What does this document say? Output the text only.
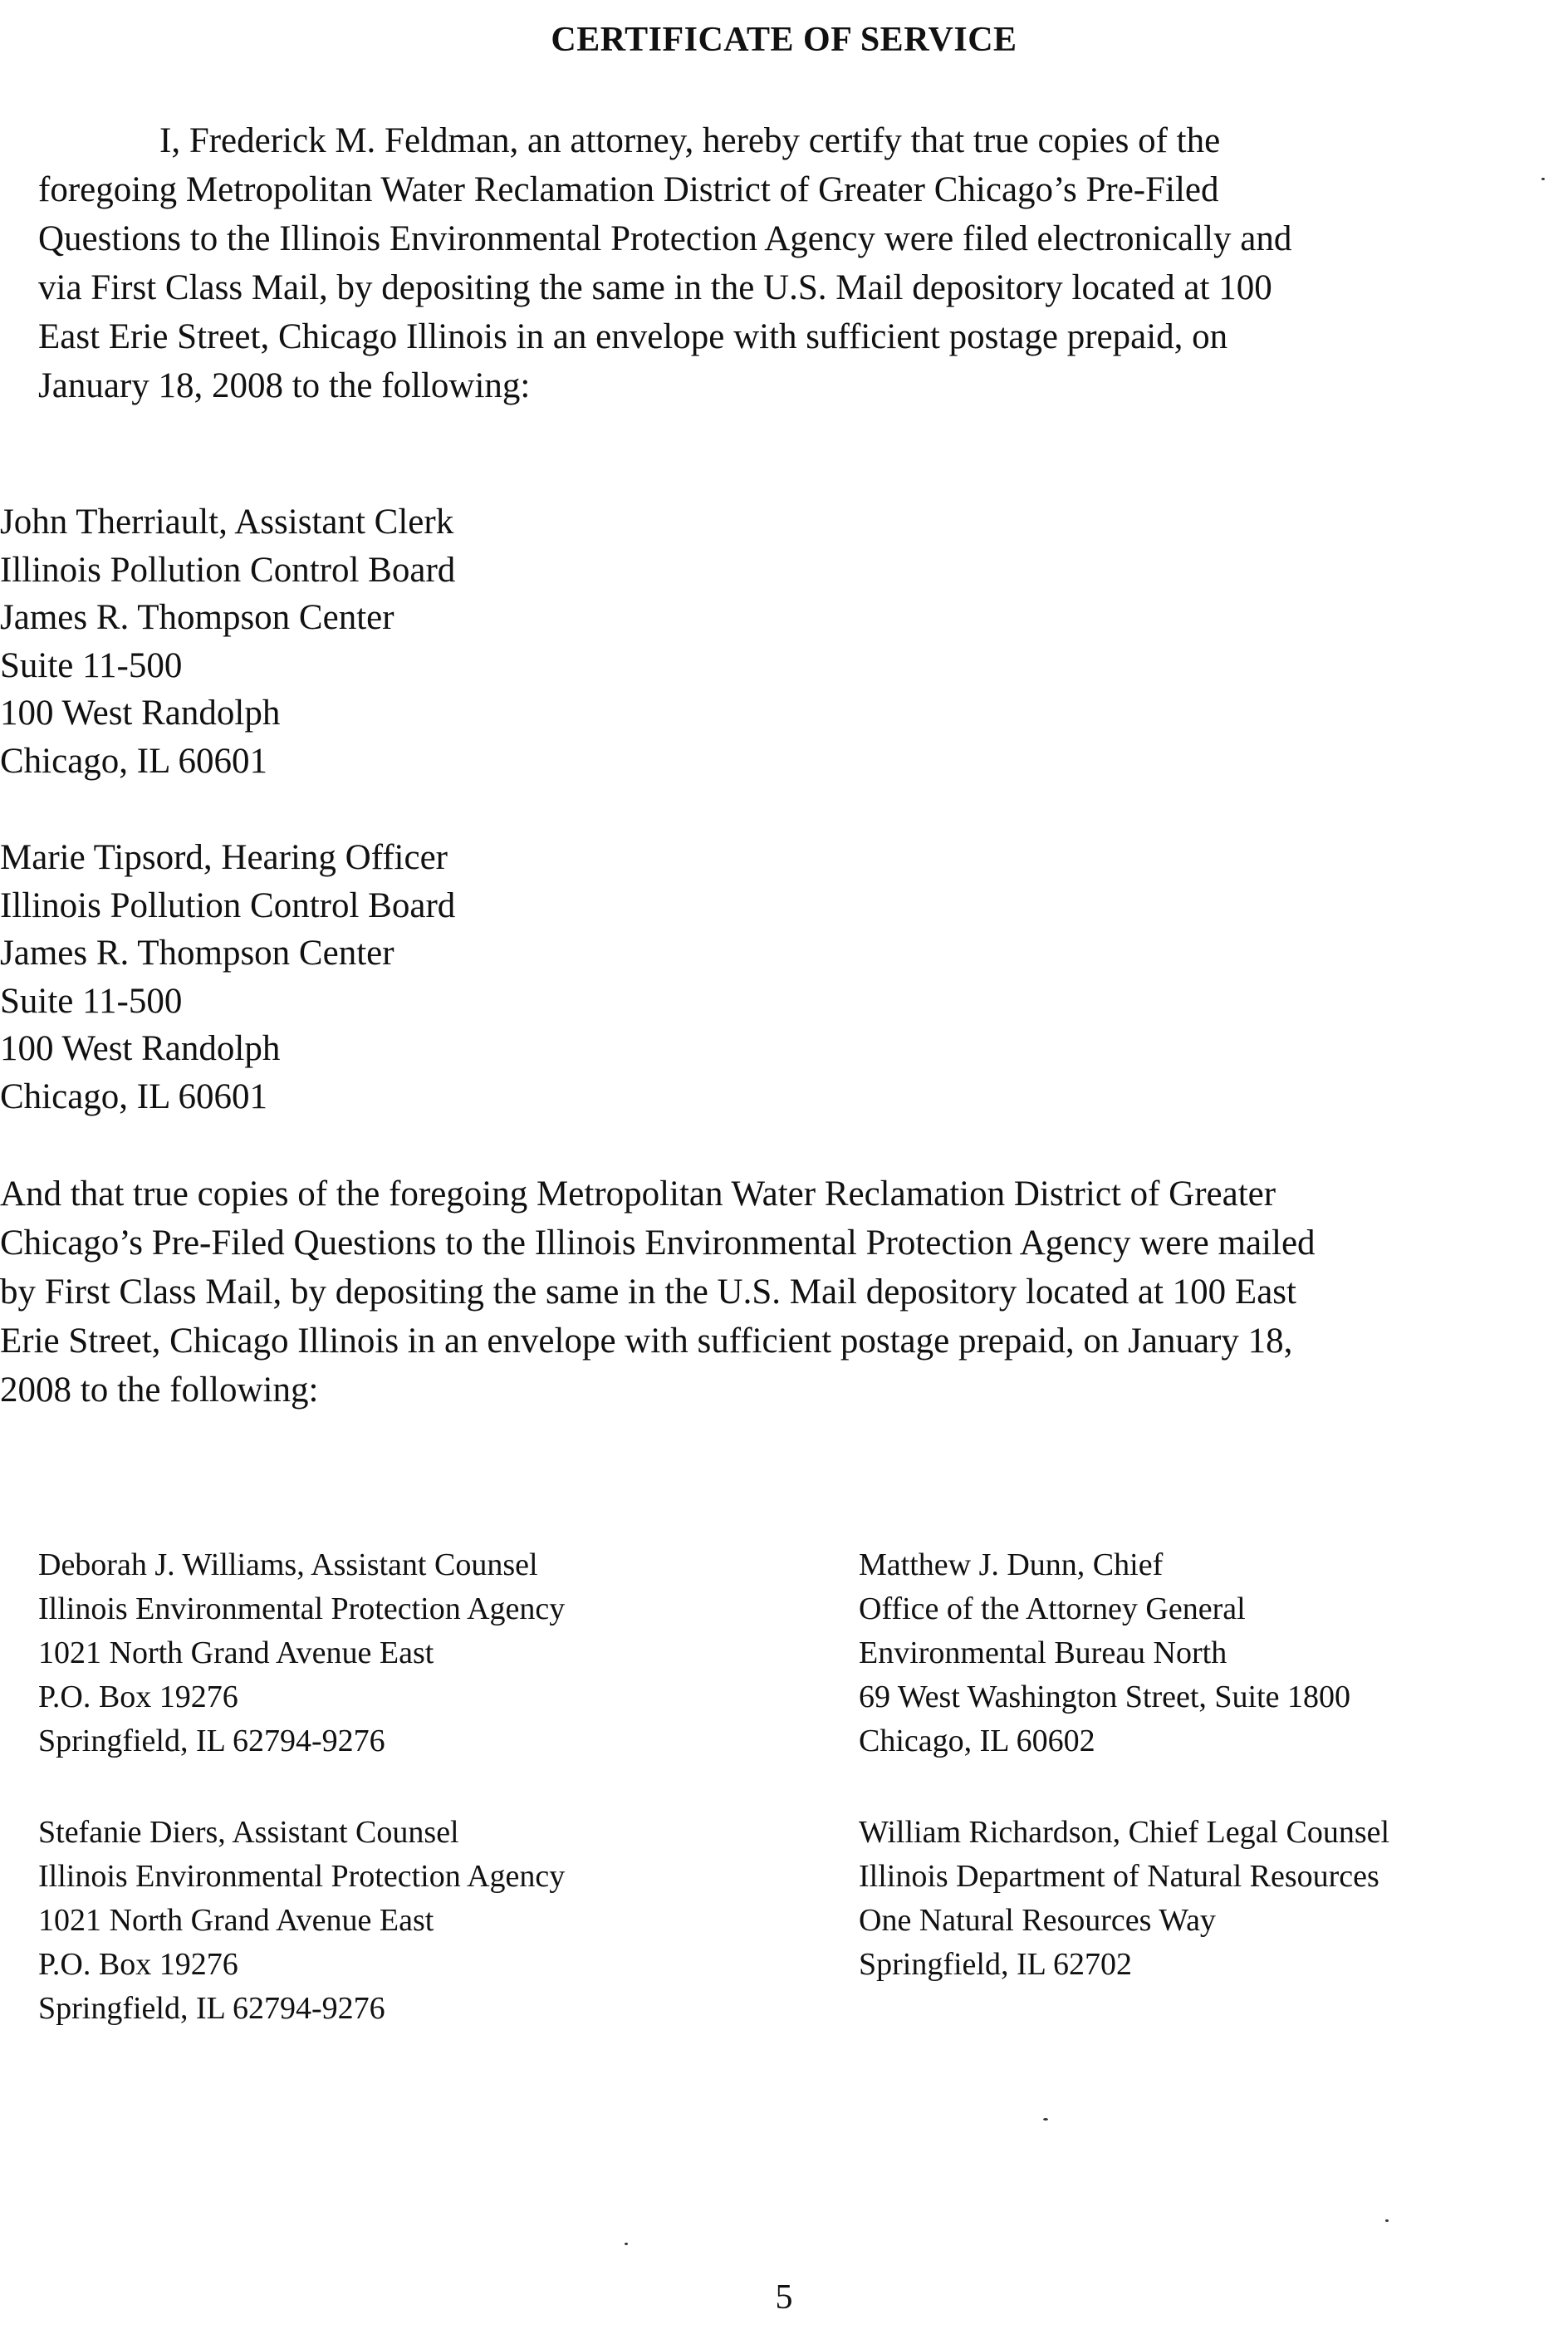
CERTIFICATE OF SERVICE

I, Frederick M. Feldman, an attorney, hereby certify that true copies of the
foregoing Metropolitan Water Reclamation District of Greater Chicago’s Pre-Filed
Questions to the Illinois Environmental Protection Agency were filed electronically and
via First Class Mail, by depositing the same in the U.S. Mail depository located at 100
East Erie Street, Chicago Illinois in an envelope with sufficient postage prepaid, on
January 18, 2008 to the following:

John Therriault, Assistant Clerk
Illinois Pollution Control Board
James R. Thompson Center
Suite 11-500
100 West Randolph
Chicago, IL 60601
Marie Tipsord, Hearing Officer
Illinois Pollution Control Board
James R. Thompson Center
Suite 11-500
100 West Randolph
Chicago, IL 60601

And that true copies of the foregoing Metropolitan Water Reclamation District of Greater
Chicago’s Pre-Filed Questions to the Illinois Environmental Protection Agency were mailed
by First Class Mail, by depositing the same in the U.S. Mail depository located at 100 East
Erie Street, Chicago Illinois in an envelope with sufficient postage prepaid, on January 18,
2008 to the following:

Deborah J. Williams, Assistant Counsel
Illinois Environmental Protection Agency
1021 North Grand Avenue East
P.O. Box 19276
Springfield, IL 62794-9276
Stefanie Diers, Assistant Counsel
Illinois Environmental Protection Agency
1021 North Grand Avenue East
P.O. Box 19276
Springfield, IL 62794-9276
Matthew J. Dunn, Chief
Office of the Attorney General
Environmental Bureau North
69 West Washington Street, Suite 1800
Chicago, IL 60602
William Richardson, Chief Legal Counsel
Illinois Department of Natural Resources
One Natural Resources Way
Springfield, IL 62702

5
